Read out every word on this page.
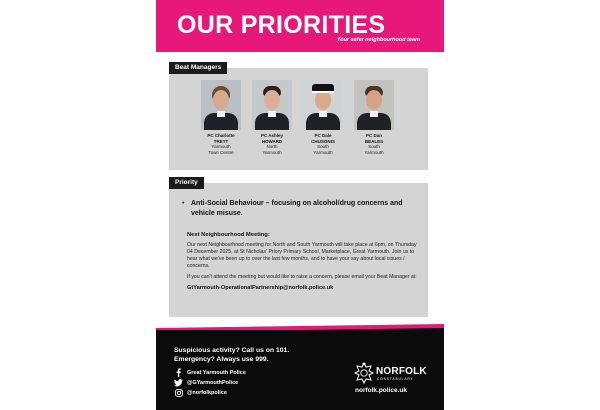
OUR PRIORITIES
Your safer neighbourhood team
Beat Managers
PC Charlotte
TRETT
Yarmouth
Town Centre
PC Ashley
HOWARD
North
Yarmouth
PC Dale
CHUSONIS
South
Yarmouth
PC Dan
BEALES
South
Yarmouth
Priority
• Anti-Social Behaviour – focusing on alcohol/drug concerns and vehicle misuse.

Next Neighbourhood Meeting:

Our next Neighbourhood meeting for North and South Yarmouth will take place at 6pm, on Thursday 04 December 2025, at St Nicholas' Priory Primary School, Marketplace, Great Yarmouth. Join us to hear what we've been up to over the last few months, and to have your say about local issues / concerns.

If you can't attend the meeting but would like to raise a concern, please email your Beat Manager at:

GtYarmouth-OperationalPartnership@norfolk.police.uk

Suspicious activity? Call us on 101.
Emergency? Always use 999.
Great Yarmouth Police
@GYarmouthPolice
@norfolkpolice
NORFOLK
CONSTABULARY
norfolk.police.uk
